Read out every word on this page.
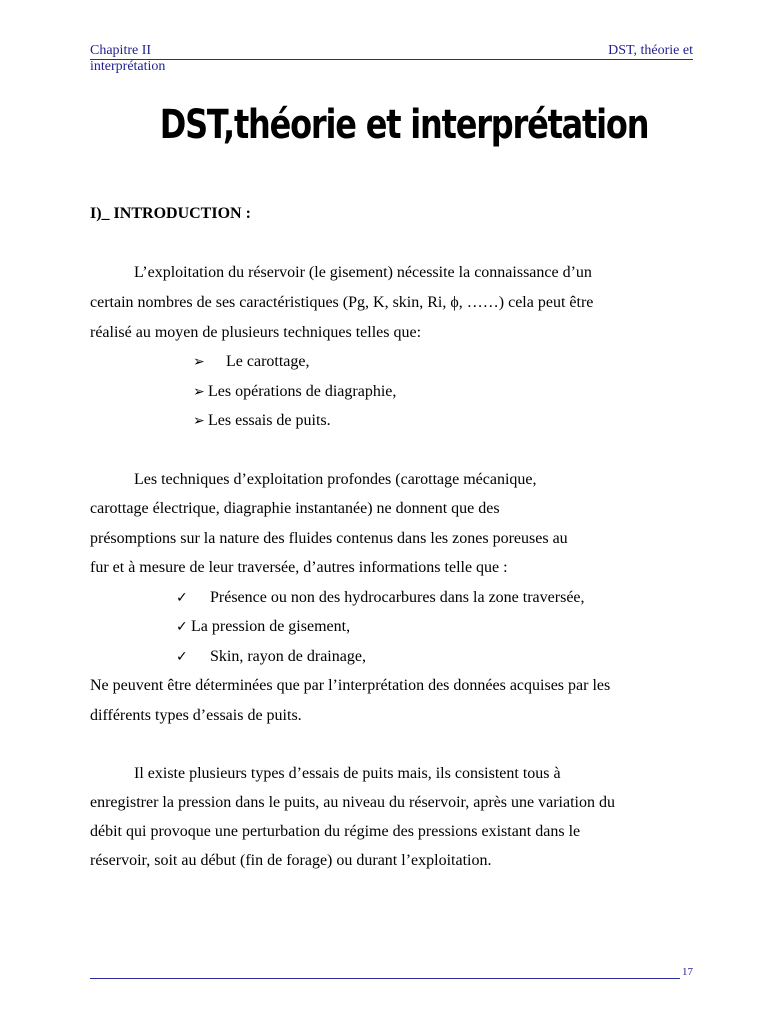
Chapitre II
interprétation
DST, théorie et
DST,théorie et interprétation
I)_ INTRODUCTION :
L’exploitation du réservoir (le gisement) nécessite la connaissance d’un
certain nombres de ses caractéristiques (Pg, K, skin, Ri, ϕ, ……) cela peut être
réalisé au moyen de plusieurs techniques telles que:
➢ Le carottage,
➢ Les opérations de diagraphie,
➢ Les essais de puits.
Les techniques d’exploitation profondes (carottage mécanique,
carottage électrique, diagraphie instantanée) ne donnent que des
présomptions sur la nature des fluides contenus dans les zones poreuses au
fur et à mesure de leur traversée, d’autres informations telle que :
✓ Présence ou non des hydrocarbures dans la zone traversée,
✓ La pression de gisement,
✓ Skin, rayon de drainage,
Ne peuvent être déterminées que par l’interprétation des données acquises par les
différents types d’essais de puits.
Il existe plusieurs types d’essais de puits mais, ils consistent tous à
enregistrer la pression dans le puits, au niveau du réservoir, après une variation du
débit qui provoque une perturbation du régime des pressions existant dans le
réservoir, soit au début (fin de forage) ou durant l’exploitation.
17
